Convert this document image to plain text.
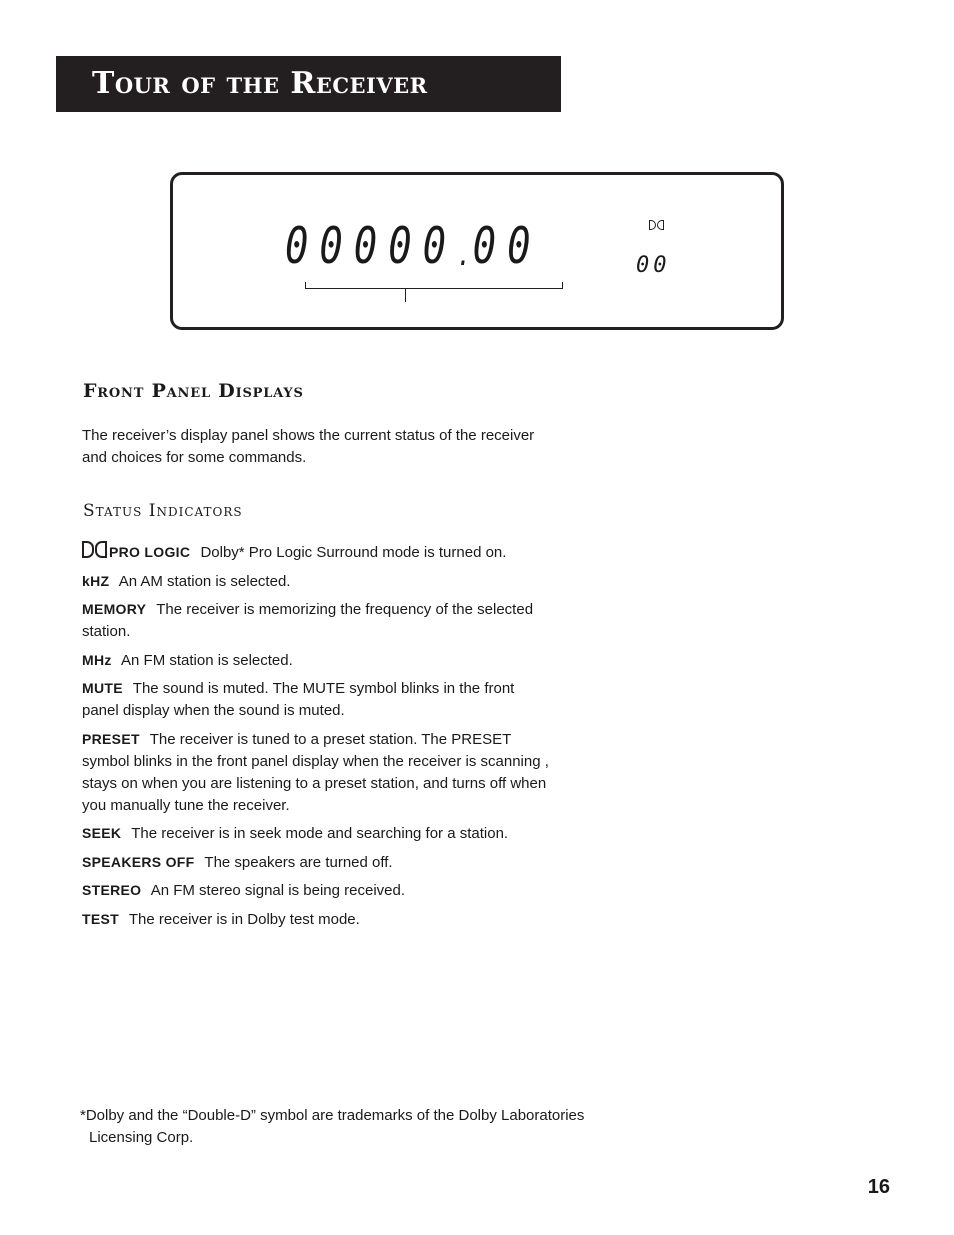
Tour of the Receiver
0 0 0 0 0 . 0 0	00
Front Panel Displays

The receiver’s display panel shows the current status of the receiver and choices for some commands.

Status Indicators

PRO LOGIC Dolby* Pro Logic Surround mode is turned on.

kHZ An AM station is selected.

MEMORY The receiver is memorizing the frequency of the selected station.

MHz An FM station is selected.

MUTE The sound is muted. The MUTE symbol blinks in the front panel display when the sound is muted.

PRESET The receiver is tuned to a preset station. The PRESET symbol blinks in the front panel display when the receiver is scanning , stays on when you are listening to a preset station, and turns off when you manually tune the receiver.

SEEK The receiver is in seek mode and searching for a station.

SPEAKERS OFF The speakers are turned off.

STEREO An FM stereo signal is being received.

TEST The receiver is in Dolby test mode.

*Dolby and the “Double-D” symbol are trademarks of the Dolby Laboratories Licensing Corp.

16
